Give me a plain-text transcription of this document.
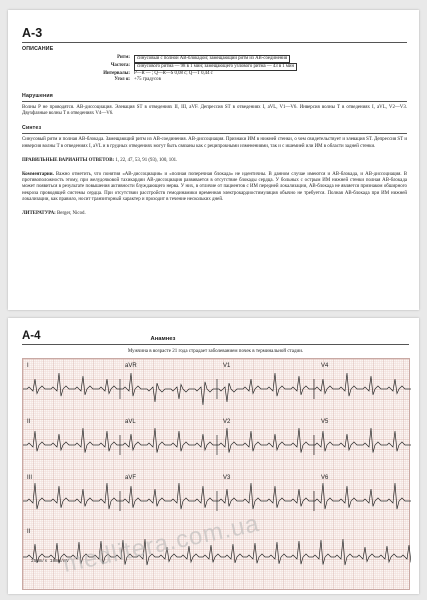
А-3
ОПИСАНИЕ
Ритм:	синусовый с полной АВ-блокадой; замещающий ритм из АВ-соединения
Частота:	синусового ритма — 98 в 1 мин; замещающего узлового ритма — 43 в 1 мин
Интервалы: P—R — ; Q—R—S 0,08 с; Q—T 0,44 с
Угол α: +75 градусов
Нарушения

Волны P не проводятся. АВ-диссоциация. Элевация ST в отведениях II, III, aVF. Депрессия ST в отведениях I, aVL, V1—V6. Инверсия волны T в отведениях I, aVL, V2—V3. Двухфазные волны T в отведениях V4—V6.

Синтез

Синусовый ритм и полная АВ-блокада. Замещающий ритм из АВ-соединения. АВ-диссоциация. Признаки ИМ в нижней стенки, о чем свидетельствует и элевация ST. Депрессия ST и инверсия волны T в отведениях I, aVL и в грудных отведениях могут быть связаны как с реципрокными изменениями, так и с ишемией или ИМ в области задней стенки.

ПРАВИЛЬНЫЕ ВАРИАНТЫ ОТВЕТОВ: 1, 22, 47, 53, 91 (93), 100, 101.

Комментарии. Важно отметить, что понятия «АВ-диссоциация» и «полная поперечная блокада» не идентичны. В данном случае имеются и АВ-блокада, и АВ-диссоциация. В противоположность этому, при желудочковой тахикардии АВ-диссоциация развивается в отсутствие блокады сердца. У больных с острым ИМ нижней стенки полная АВ-блокада может появиться в результате повышения активности блуждающего нерва. У них, в отличие от пациентов с ИМ передней локализации, АВ-блокада не является признаком обширного некроза проводящей системы сердца. При отсутствии расстройств гемодинамики временная электрокардиостимуляция обычно не требуется. Полная АВ-блокада при ИМ нижней локализации, как правило, носит транзиторный характер и проходит в течение нескольких дней.

ЛИТЕРАТУРА: Berger, Nicod.

А-4	Анамнез
Мужчина в возрасте 21 года страдает заболеванием почек в терминальной стадии.
I	aVR	V1	V4
II	aVL	V2	V5
III	aVF	V3	V6
II
25mm/s 10mm/mV
medlitera.com.ua
